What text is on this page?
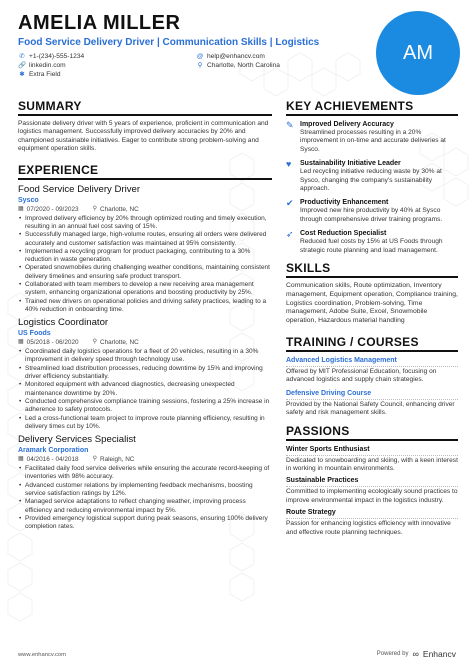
AMELIA MILLER
Food Service Delivery Driver | Communication Skills | Logistics
✆ +1-(234)-555-1234	@ help@enhancv.com
🔗 linkedin.com	⚲ Charlotte, North Carolina
✱ Extra Field
AM
SUMMARY
Passionate delivery driver with 5 years of experience, proficient in communication and logistics management. Successfully improved delivery accuracies by 20% and championed sustainable initiatives. Eager to contribute strong problem-solving and equipment operation skills.
EXPERIENCE
Food Service Delivery Driver
Sysco
▦ 07/2020 - 09/2023 ⚲ Charlotte, NC
• Improved delivery efficiency by 20% through optimized routing and timely execution, resulting in an annual fuel cost saving of 15%.
• Successfully managed large, high-volume routes, ensuring all orders were delivered accurately and customer satisfaction was maintained at 95% consistently.
• Implemented a recycling program for product packaging, contributing to a 30% reduction in waste generation.
• Operated snowmobiles during challenging weather conditions, maintaining consistent delivery timelines and ensuring safe product transport.
• Collaborated with team members to develop a new receiving area management system, enhancing organizational operations and boosting productivity by 25%.
• Trained new drivers on operational policies and driving safety practices, leading to a 40% reduction in onboarding time.
Logistics Coordinator
US Foods
▦ 05/2018 - 06/2020 ⚲ Charlotte, NC
• Coordinated daily logistics operations for a fleet of 20 vehicles, resulting in a 30% improvement in delivery speed through technology use.
• Streamlined load distribution processes, reducing downtime by 15% and improving driver efficiency substantially.
• Monitored equipment with advanced diagnostics, decreasing unexpected maintenance downtime by 20%.
• Conducted comprehensive compliance training sessions, fostering a 25% increase in adherence to safety protocols.
• Led a cross-functional team project to improve route planning efficiency, resulting in delivery times cut by 10%.
Delivery Services Specialist
Aramark Corporation
▦ 04/2016 - 04/2018 ⚲ Raleigh, NC
• Facilitated daily food service deliveries while ensuring the accurate record-keeping of inventories with 98% accuracy.
• Advanced customer relations by implementing feedback mechanisms, boosting service satisfaction ratings by 12%.
• Managed service adaptations to reflect changing weather, improving process efficiency and reducing environmental impact by 5%.
• Provided emergency logistical support during peak seasons, ensuring 100% delivery completion rates.
KEY ACHIEVEMENTS
✎ Improved Delivery Accuracy
Streamlined processes resulting in a 20% improvement in on-time and accurate deliveries at Sysco.
♥	Sustainability Initiative Leader
Led recycling initiative reducing waste by 30% at Sysco, changing the company's sustainability approach.
✔ Productivity Enhancement
Improved new hire productivity by 40% at Sysco through comprehensive driver training programs.
➶ Cost Reduction Specialist
Reduced fuel costs by 15% at US Foods through strategic route planning and load management.
SKILLS
Communication skills, Route optimization, Inventory management, Equipment operation, Compliance training, Logistics coordination, Problem-solving, Time management, Adobe Suite, Excel, Snowmobile operation, Hazardous material handling
TRAINING / COURSES
Advanced Logistics Management
Offered by MIT Professional Education, focusing on advanced logistics and supply chain strategies.
Defensive Driving Course
Provided by the National Safety Council, enhancing driver safety and risk management skills.
PASSIONS
Winter Sports Enthusiast
Dedicated to snowboarding and skiing, with a keen interest in working in mountain environments.
Sustainable Practices
Committed to implementing ecologically sound practices to improve environmental impact in the logistics industry.
Route Strategy
Passion for enhancing logistics efficiency with innovative and effective route planning techniques.
www.enhancv.com	Powered by ∞ Enhancv
